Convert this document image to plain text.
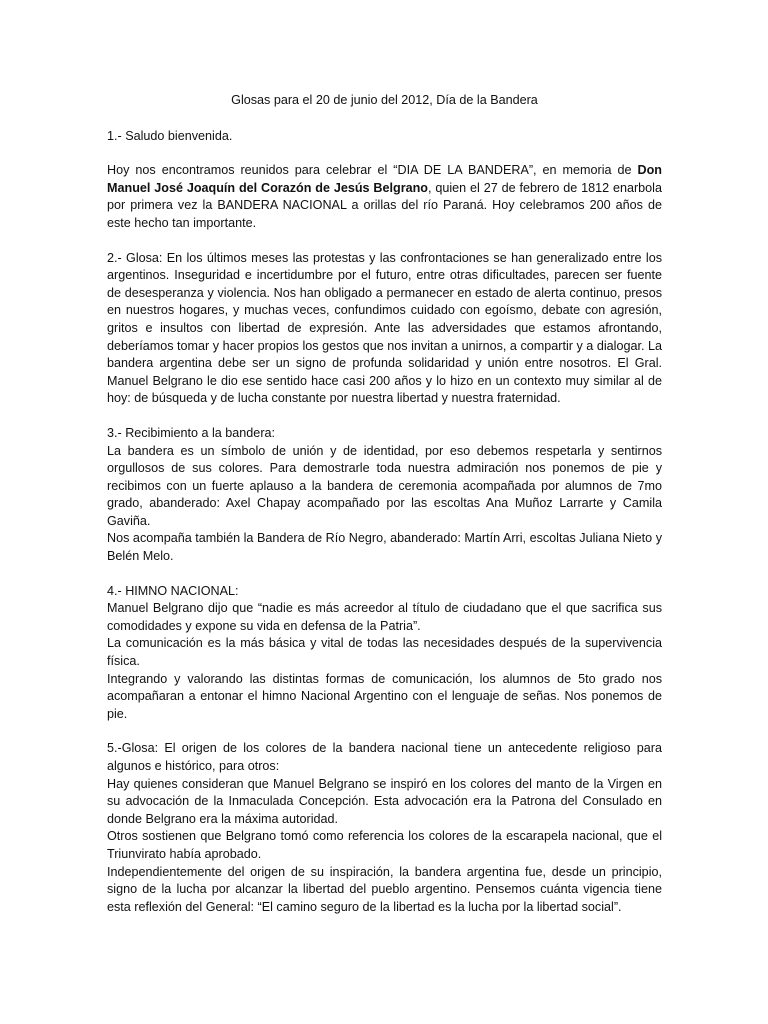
Glosas para el 20 de junio del 2012, Día de la Bandera

1.- Saludo bienvenida.

Hoy nos encontramos reunidos para celebrar el “DIA DE LA BANDERA”, en memoria de Don Manuel José Joaquín del Corazón de Jesús Belgrano, quien el 27 de febrero de 1812 enarbola por primera vez la BANDERA NACIONAL a orillas del río Paraná. Hoy celebramos 200 años de este hecho tan importante.

2.- Glosa: En los últimos meses las protestas y las confrontaciones se han generalizado entre los argentinos. Inseguridad e incertidumbre por el futuro, entre otras dificultades, parecen ser fuente de desesperanza y violencia. Nos han obligado a permanecer en estado de alerta continuo, presos en nuestros hogares, y muchas veces, confundimos cuidado con egoísmo, debate con agresión, gritos e insultos con libertad de expresión. Ante las adversidades que estamos afrontando, deberíamos tomar y hacer propios los gestos que nos invitan a unirnos, a compartir y a dialogar. La bandera argentina debe ser un signo de profunda solidaridad y unión entre nosotros. El Gral. Manuel Belgrano le dio ese sentido hace casi 200 años y lo hizo en un contexto muy similar al de hoy: de búsqueda y de lucha constante por nuestra libertad y nuestra fraternidad.

3.- Recibimiento a la bandera:

La bandera es un símbolo de unión y de identidad, por eso debemos respetarla y sentirnos orgullosos de sus colores. Para demostrarle toda nuestra admiración nos ponemos de pie y recibimos con un fuerte aplauso a la bandera de ceremonia acompañada por alumnos de 7mo grado, abanderado: Axel Chapay acompañado por las escoltas Ana Muñoz Larrarte y Camila Gaviña.

Nos acompaña también la Bandera de Río Negro, abanderado: Martín Arri, escoltas Juliana Nieto y Belén Melo.

4.- HIMNO NACIONAL:

Manuel Belgrano dijo que “nadie es más acreedor al título de ciudadano que el que sacrifica sus comodidades y expone su vida en defensa de la Patria”.

La comunicación es la más básica y vital de todas las necesidades después de la supervivencia física.

Integrando y valorando las distintas formas de comunicación, los alumnos de 5to grado nos acompañaran a entonar el himno Nacional Argentino con el lenguaje de señas. Nos ponemos de pie.

5.-Glosa: El origen de los colores de la bandera nacional tiene un antecedente religioso para algunos e histórico, para otros:

Hay quienes consideran que Manuel Belgrano se inspiró en los colores del manto de la Virgen en su advocación de la Inmaculada Concepción. Esta advocación era la Patrona del Consulado en donde Belgrano era la máxima autoridad.

Otros sostienen que Belgrano tomó como referencia los colores de la escarapela nacional, que el Triunvirato había aprobado.

Independientemente del origen de su inspiración, la bandera argentina fue, desde un principio, signo de la lucha por alcanzar la libertad del pueblo argentino. Pensemos cuánta vigencia tiene esta reflexión del General: “El camino seguro de la libertad es la lucha por la libertad social”.
